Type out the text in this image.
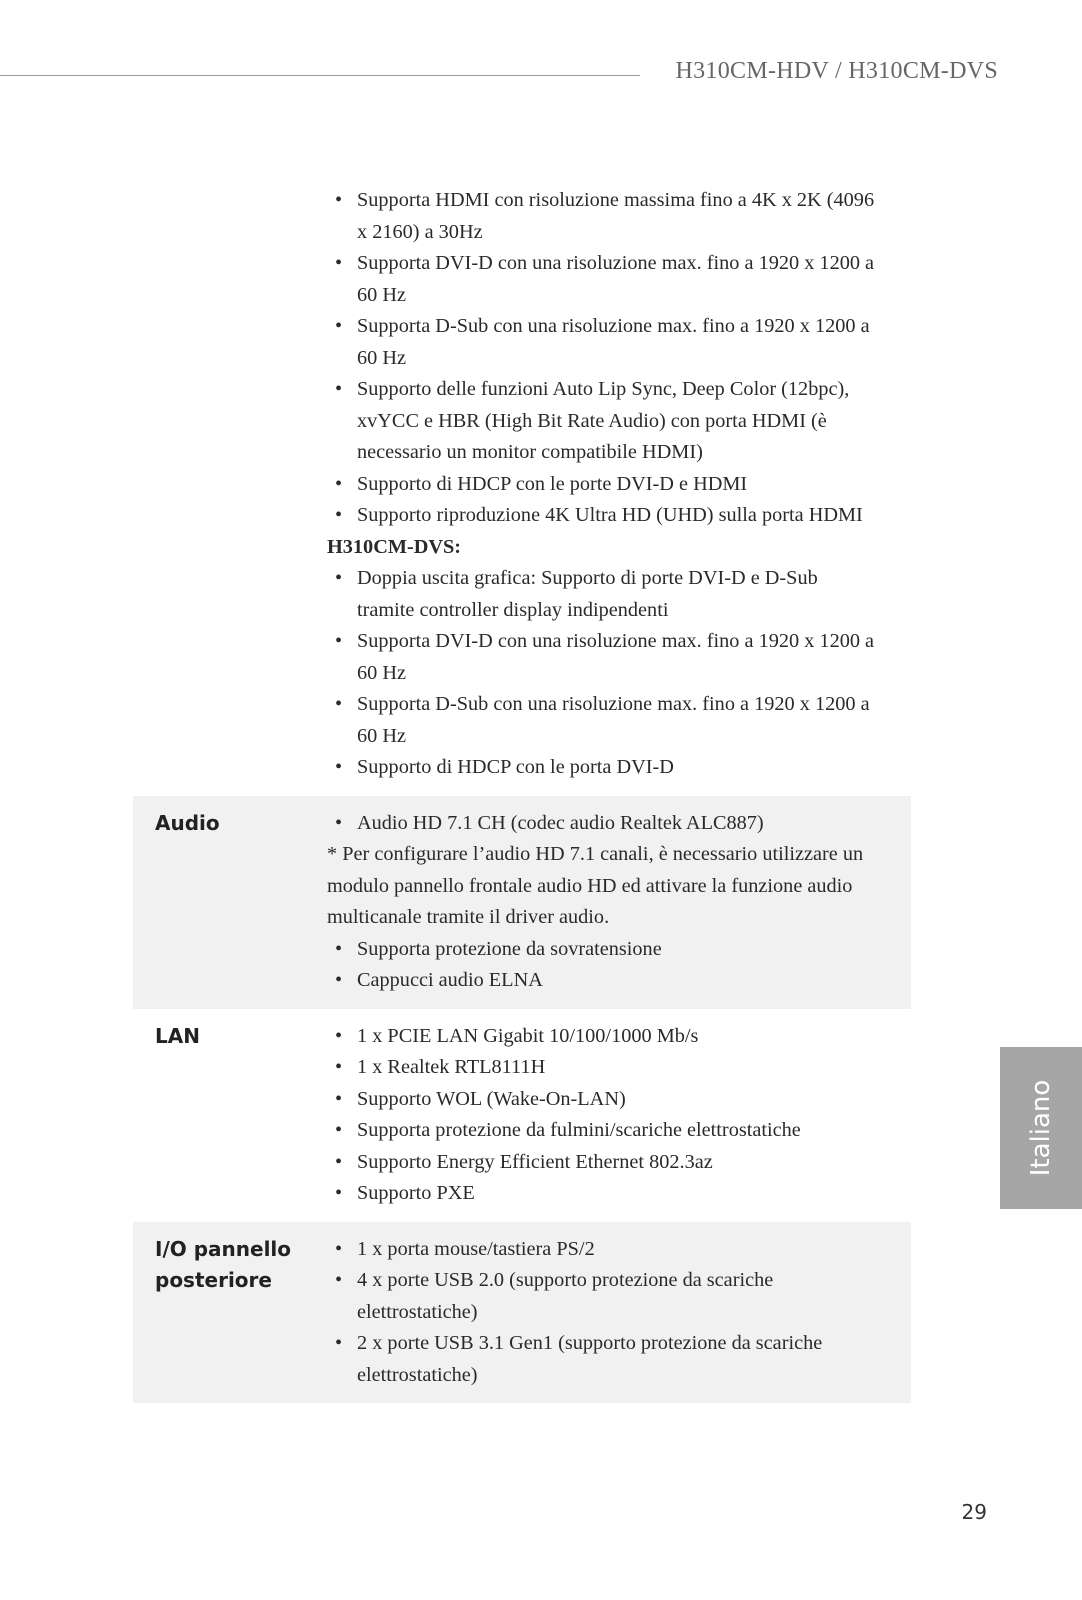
H310CM-HDV / H310CM-DVS
• Supporta HDMI con risoluzione massima fino a 4K x 2K (4096
x 2160) a 30Hz
• Supporta DVI-D con una risoluzione max. fino a 1920 x 1200 a
60 Hz
• Supporta D-Sub con una risoluzione max. fino a 1920 x 1200 a
60 Hz
• Supporto delle funzioni Auto Lip Sync, Deep Color (12bpc),
xvYCC e HBR (High Bit Rate Audio) con porta HDMI (è
necessario un monitor compatibile HDMI)
• Supporto di HDCP con le porte DVI-D e HDMI
• Supporto riproduzione 4K Ultra HD (UHD) sulla porta HDMI
H310CM-DVS:
• Doppia uscita grafica: Supporto di porte DVI-D e D-Sub
tramite controller display indipendenti
• Supporta DVI-D con una risoluzione max. fino a 1920 x 1200 a
60 Hz
• Supporta D-Sub con una risoluzione max. fino a 1920 x 1200 a
60 Hz
• Supporto di HDCP con le porta DVI-D
Audio	• Audio HD 7.1 CH (codec audio Realtek ALC887)
* Per configurare l’audio HD 7.1 canali, è necessario utilizzare un
modulo pannello frontale audio HD ed attivare la funzione audio
multicanale tramite il driver audio.
• Supporta protezione da sovratensione
• Cappucci audio ELNA
LAN	• 1 x PCIE LAN Gigabit 10/100/1000 Mb/s
• 1 x Realtek RTL8111H
• Supporto WOL (Wake-On-LAN)
• Supporta protezione da fulmini/scariche elettrostatiche
• Supporto Energy Efficient Ethernet 802.3az
• Supporto PXE
I/O pannello
posteriore
• 1 x porta mouse/tastiera PS/2
• 4 x porte USB 2.0 (supporto protezione da scariche
elettrostatiche)
• 2 x porte USB 3.1 Gen1 (supporto protezione da scariche
elettrostatiche)
Italiano
29
